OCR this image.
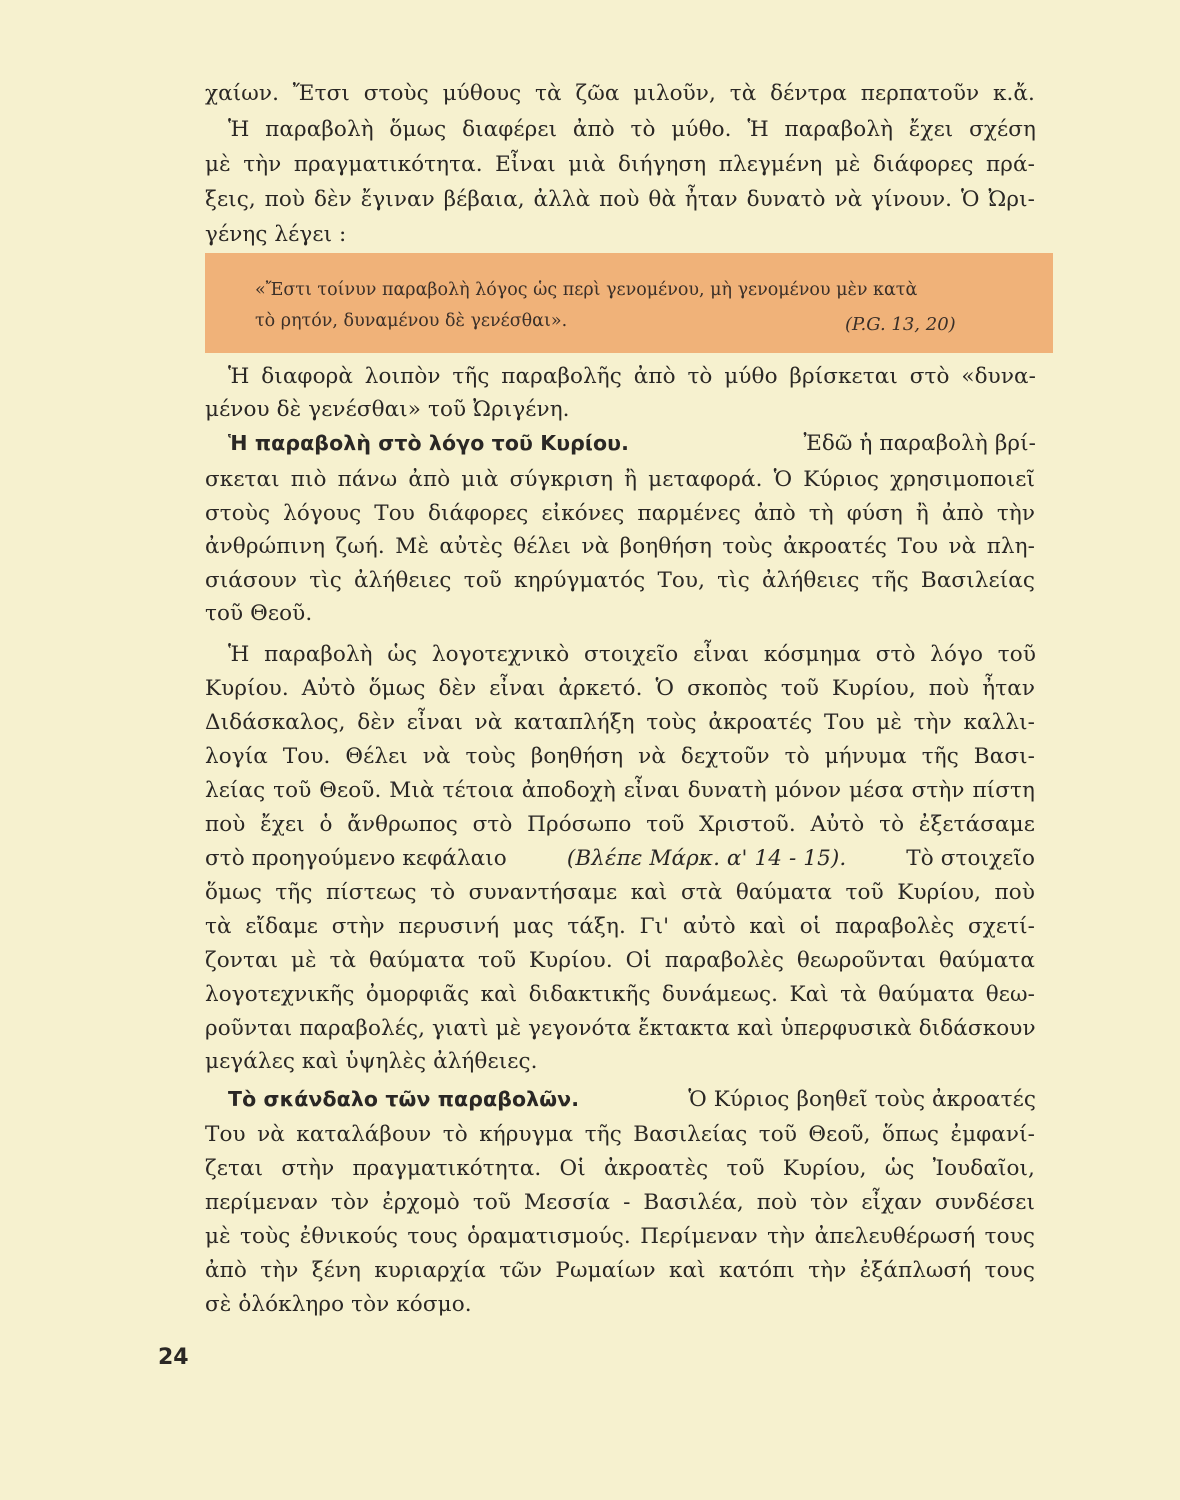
χαίων. Ἔτσι στοὺς μύθους τὰ ζῶα μιλοῦν, τὰ δέντρα περπατοῦν κ.ἄ.
Ἡ παραβολὴ ὅμως διαφέρει ἀπὸ τὸ μύθο. Ἡ παραβολὴ ἔχει σχέση
μὲ τὴν πραγματικότητα. Εἶναι μιὰ διήγηση πλεγμένη μὲ διάφορες πρά-
ξεις, ποὺ δὲν ἔγιναν βέβαια, ἀλλὰ ποὺ θὰ ἦταν δυνατὸ νὰ γίνουν. Ὁ Ὠρι-
γένης λέγει :
«Ἔστι τοίνυν παραβολὴ λόγος ὡς περὶ γενομένου, μὴ γενομένου μὲν κατὰ
τὸ ρητόν, δυναμένου δὲ γενέσθαι».	(P.G. 13, 20)
Ἡ διαφορὰ λοιπὸν τῆς παραβολῆς ἀπὸ τὸ μύθο βρίσκεται στὸ «δυνα-
μένου δὲ γενέσθαι» τοῦ Ὠριγένη.
Ἡ παραβολὴ στὸ λόγο τοῦ Κυρίου.	Ἐδῶ ἡ παραβολὴ βρί-
σκεται πιὸ πάνω ἀπὸ μιὰ σύγκριση ἢ μεταφορά. Ὁ Κύριος χρησιμοποιεῖ
στοὺς λόγους Του διάφορες εἰκόνες παρμένες ἀπὸ τὴ φύση ἢ ἀπὸ τὴν
ἀνθρώπινη ζωή. Μὲ αὐτὲς θέλει νὰ βοηθήση τοὺς ἀκροατές Του νὰ πλη-
σιάσουν τὶς ἀλήθειες τοῦ κηρύγματός Του, τὶς ἀλήθειες τῆς Βασιλείας
τοῦ Θεοῦ.
Ἡ παραβολὴ ὡς λογοτεχνικὸ στοιχεῖο εἶναι κόσμημα στὸ λόγο τοῦ
Κυρίου. Αὐτὸ ὅμως δὲν εἶναι ἀρκετό. Ὁ σκοπὸς τοῦ Κυρίου, ποὺ ἦταν
Διδάσκαλος, δὲν εἶναι νὰ καταπλήξη τοὺς ἀκροατές Του μὲ τὴν καλλι-
λογία Του. Θέλει νὰ τοὺς βοηθήση νὰ δεχτοῦν τὸ μήνυμα τῆς Βασι-
λείας τοῦ Θεοῦ. Μιὰ τέτοια ἀποδοχὴ εἶναι δυνατὴ μόνον μέσα στὴν πίστη
ποὺ ἔχει ὁ ἄνθρωπος στὸ Πρόσωπο τοῦ Χριστοῦ. Αὐτὸ τὸ ἐξετάσαμε
στὸ προηγούμενο κεφάλαιο	(Βλέπε Μάρκ. α' 14 - 15).	Τὸ στοιχεῖο
ὅμως τῆς πίστεως τὸ συναντήσαμε καὶ στὰ θαύματα τοῦ Κυρίου, ποὺ
τὰ εἴδαμε στὴν περυσινή μας τάξη. Γι' αὐτὸ καὶ οἱ παραβολὲς σχετί-
ζονται μὲ τὰ θαύματα τοῦ Κυρίου. Οἱ παραβολὲς θεωροῦνται θαύματα
λογοτεχνικῆς ὀμορφιᾶς καὶ διδακτικῆς δυνάμεως. Καὶ τὰ θαύματα θεω-
ροῦνται παραβολές, γιατὶ μὲ γεγονότα ἔκτακτα καὶ ὑπερφυσικὰ διδάσκουν
μεγάλες καὶ ὑψηλὲς ἀλήθειες.
Τὸ σκάνδαλο τῶν παραβολῶν.	Ὁ Κύριος βοηθεῖ τοὺς ἀκροατές
Του νὰ καταλάβουν τὸ κήρυγμα τῆς Βασιλείας τοῦ Θεοῦ, ὅπως ἐμφανί-
ζεται στὴν πραγματικότητα. Οἱ ἀκροατὲς τοῦ Κυρίου, ὡς Ἰουδαῖοι,
περίμεναν τὸν ἐρχομὸ τοῦ Μεσσία - Βασιλέα, ποὺ τὸν εἶχαν συνδέσει
μὲ τοὺς ἐθνικούς τους ὁραματισμούς. Περίμεναν τὴν ἀπελευθέρωσή τους
ἀπὸ τὴν ξένη κυριαρχία τῶν Ρωμαίων καὶ κατόπι τὴν ἐξάπλωσή τους
σὲ ὁλόκληρο τὸν κόσμο.
24
